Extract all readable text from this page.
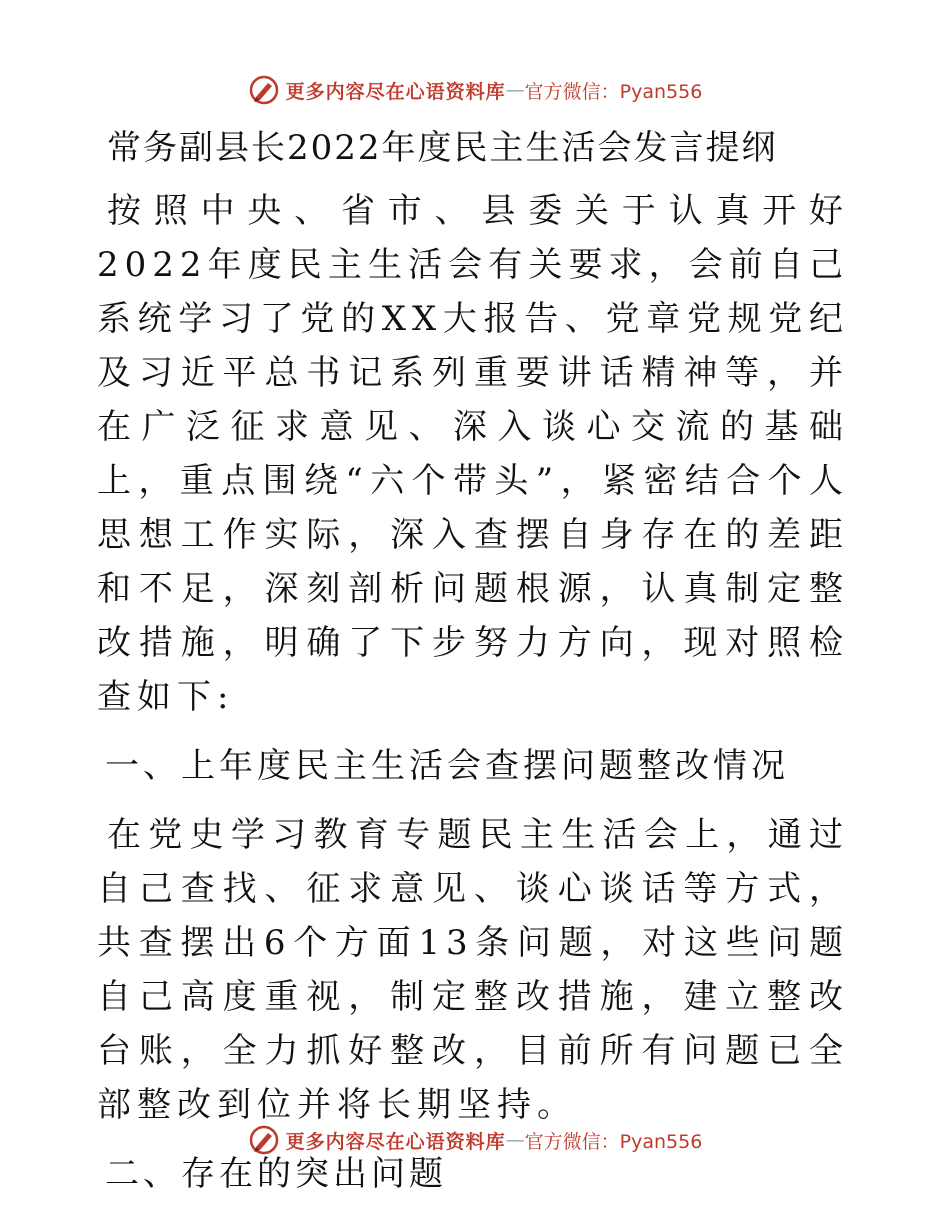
更多内容尽在心语资料库 — 官方微信：Pyan556
常务副县长2022年度民主生活会发言提纲

按照中央、省市、县委关于认真开好2022年度民主生活会有关要求，会前自己系统学习了党的XX大报告、党章党规党纪及习近平总书记系列重要讲话精神等，并在广泛征求意见、深入谈心交流的基础上，重点围绕“六个带头”，紧密结合个人思想工作实际，深入查摆自身存在的差距和不足，深刻剖析问题根源，认真制定整改措施，明确了下步努力方向，现对照检查如下:

一、上年度民主生活会查摆问题整改情况

在党史学习教育专题民主生活会上，通过自己查找、征求意见、谈心谈话等方式，共查摆出6个方面13条问题，对这些问题自己高度重视，制定整改措施，建立整改台账，全力抓好整改，目前所有问题已全部整改到位并将长期坚持。

二、存在的突出问题
更多内容尽在心语资料库 — 官方微信：Pyan556
